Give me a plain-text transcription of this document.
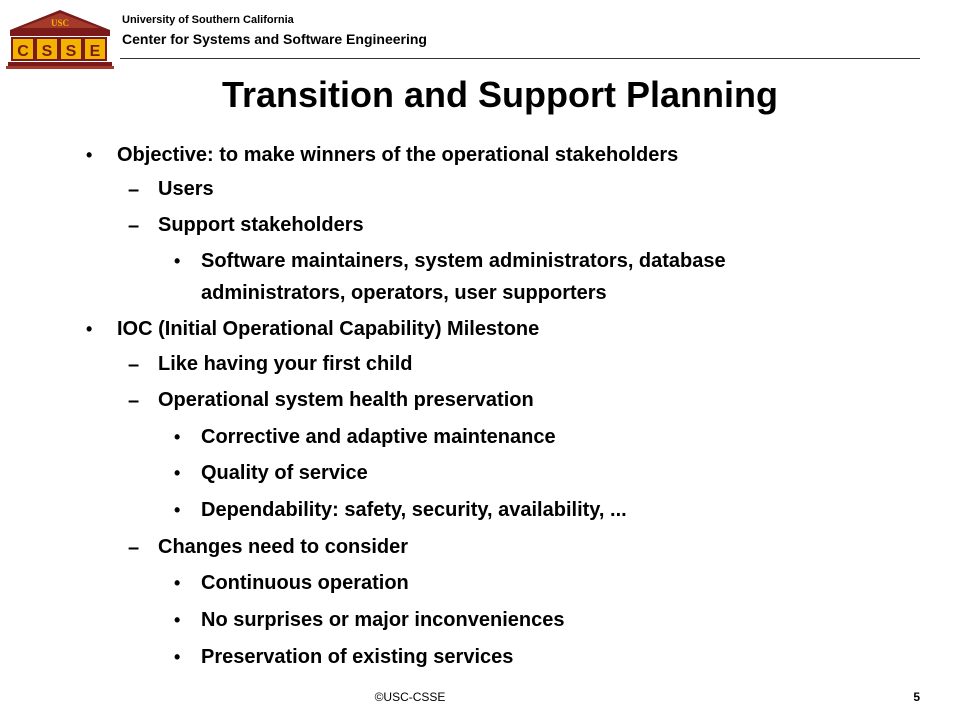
USC
C S S E
University of Southern California
Center for Systems and Software Engineering
Transition and Support Planning
• Objective: to make winners of the operational stakeholders
– Users
– Support stakeholders
• Software maintainers, system administrators, database
administrators, operators, user supporters
• IOC (Initial Operational Capability) Milestone
– Like having your first child
– Operational system health preservation
• Corrective and adaptive maintenance
• Quality of service
• Dependability: safety, security, availability, ...
– Changes need to consider
• Continuous operation
• No surprises or major inconveniences
• Preservation of existing services
©USC-CSSE	5
